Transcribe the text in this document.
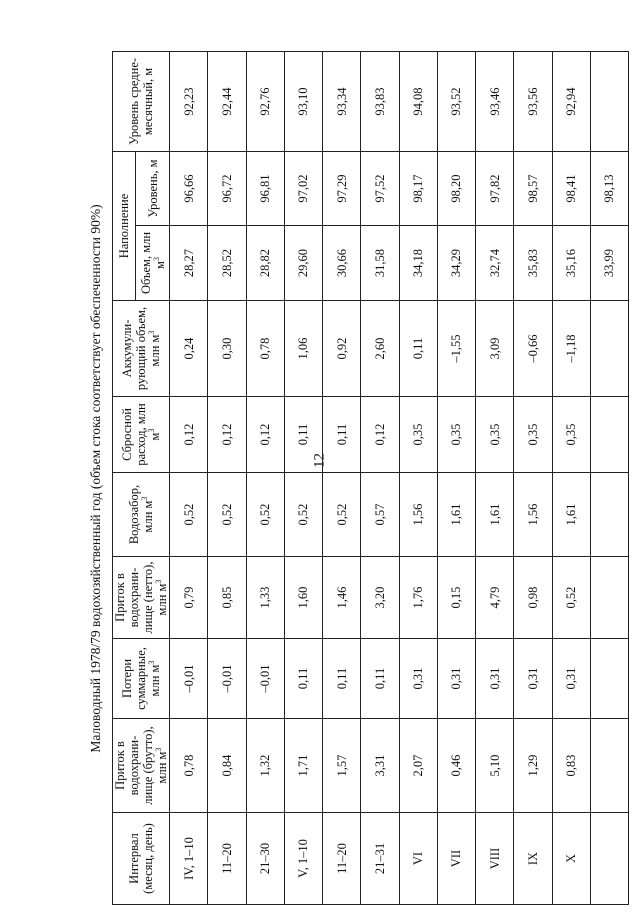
12
Маловодный 1978/79 водохозяйственный год (объем стока соответствует обеспеченности 90%)
Интервал (месяц, день)	Приток в водохрани-лище (брутто), млн $м^3$	Потери суммарные, млн $м^3$	Приток в водохрани-лище (нетто), млн $м^3$	Водозабор, млн $м^3$	Сбросной расход, млн $м^3$	Аккумули-рующий объем, млн $м^3$	Наполнение		Уровень средне-месячный, м
							Объем, млн $м^3$	Уровень, м	
IV, 1–10	0,78	–0,01	0,79	0,52	0,12	0,24	28,27	96,66	92,23
11–20	0,84	–0,01	0,85	0,52	0,12	0,30	28,52	96,72	92,44
21–30	1,32	–0,01	1,33	0,52	0,12	0,78	28,82	96,81	92,76
V, 1–10	1,71	0,11	1,60	0,52	0,11	1,06	29,60	97,02	93,10
11–20	1,57	0,11	1,46	0,52	0,11	0,92	30,66	97,29	93,34
21–31	3,31	0,11	3,20	0,57	0,12	2,60	31,58	97,52	93,83
VI	2,07	0,31	1,76	1,56	0,35	0,11	34,18	98,17	94,08
VII	0,46	0,31	0,15	1,61	0,35	–1,55	34,29	98,20	93,52
VIII	5,10	0,31	4,79	1,61	0,35	3,09	32,74	97,82	93,46
IX	1,29	0,31	0,98	1,56	0,35	–0,66	35,83	98,57	93,56
X	0,83	0,31	0,52	1,61	0,35	–1,18	35,16	98,41	92,94
							33,99	98,13	
